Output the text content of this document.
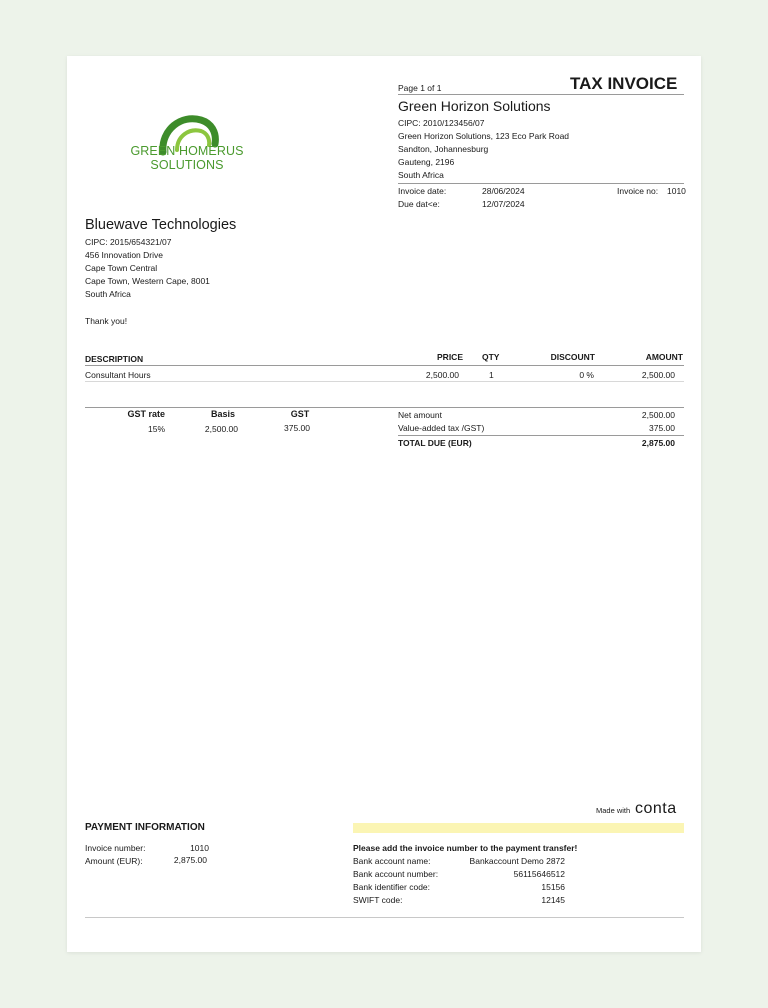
GREEN HOMERUS SOLUTIONS
Page 1 of 1	TAX INVOICE
Green Horizon Solutions
CIPC: 2010/123456/07
Green Horizon Solutions, 123 Eco Park Road
Sandton, Johannesburg
Gauteng, 2196
South Africa
Invoice date:	28/06/2024	Invoice no: 1010
Due dat<e:	12/07/2024
Bluewave Technologies
CIPC: 2015/654321/07
456 Innovation Drive
Cape Town Central
Cape Town, Western Cape, 8001
South Africa
Thank you!
DESCRIPTION	PRICE QTY	DISCOUNT	AMOUNT
Consultant Hours	2,500.00	1	0 %	2,500.00
GST rate	Basis	GST
15%	2,500.00	375.00
Net amount	2,500.00
Value-added tax /GST)	375.00
TOTAL DUE (EUR)	2,875.00
Made with conta
PAYMENT INFORMATION
Invoice number:	1010
Amount (EUR):	2,875.00
Please add the invoice number to the payment transfer!
Bank account name:	Bankaccount Demo 2872
Bank account number:	56115646512
Bank identifier code:	15156
SWIFT code:	12145
